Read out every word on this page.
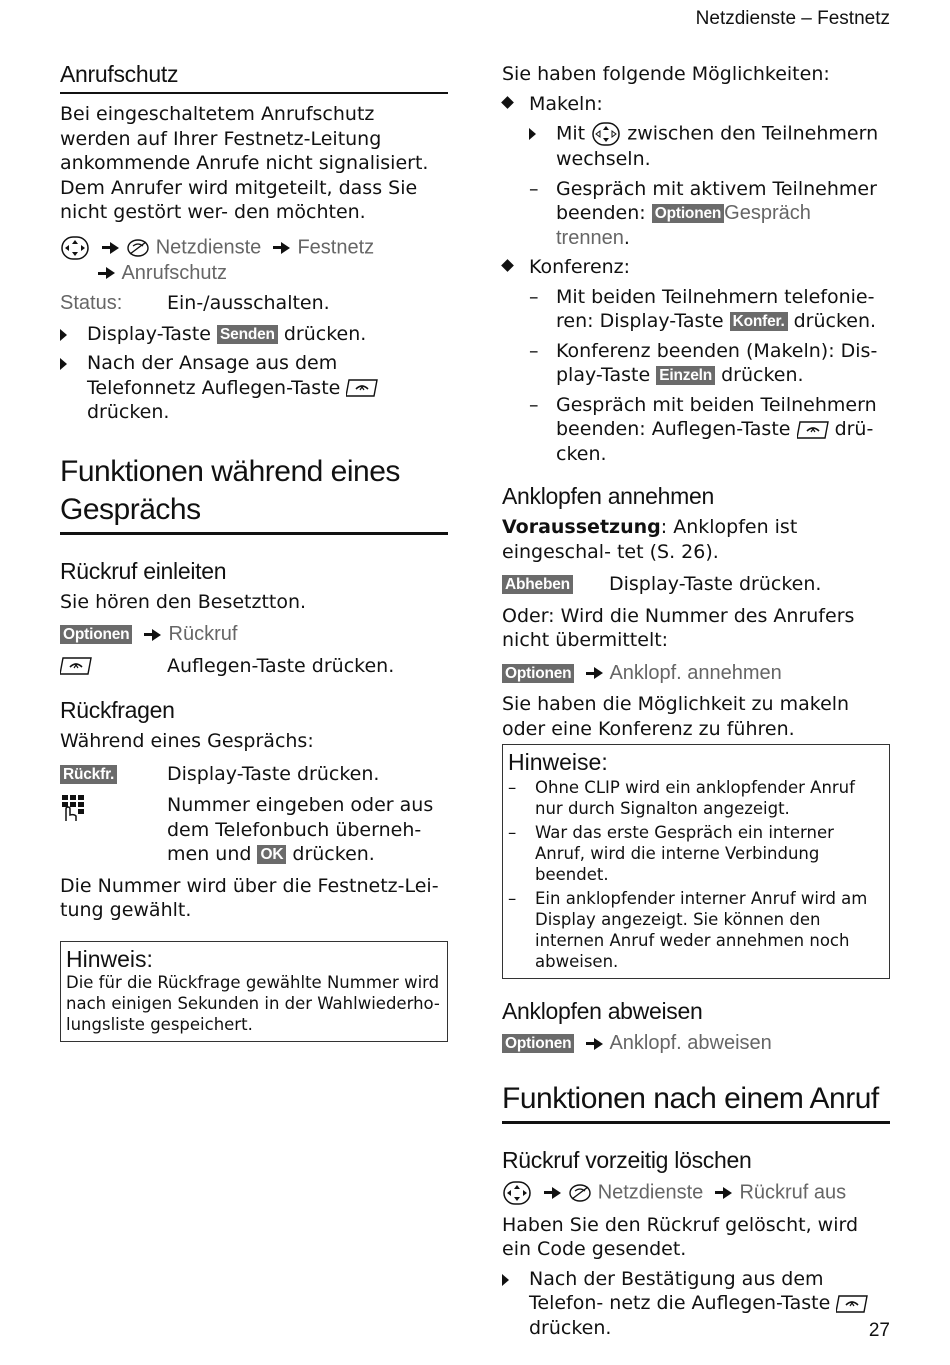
Netzdienste – Festnetz
Anrufschutz

Bei eingeschaltetem Anrufschutz werden auf Ihrer Festnetz-Leitung ankommende Anrufe nicht signalisiert. Dem Anrufer wird mitgeteilt, dass Sie nicht gestört wer- den möchten.

Netzdienste Festnetz
Anrufschutz
Status:	Ein-/ausschalten.
Display-Taste Senden drücken.
Nach der Ansage aus dem Telefonnetz Auflegen-Taste  drücken.
Funktionen während eines Gesprächs
Rückruf einleiten

Sie hören den Besetztton.

Optionen Rückruf
Auflegen-Taste drücken.
Rückfragen

Während eines Gesprächs:

Rückfr.	Display-Taste drücken.
Nummer eingeben oder aus dem Telefonbuch überneh- men und OK drücken.

Die Nummer wird über die Festnetz-Lei- tung gewählt.

Hinweis:

Die für die Rückfrage gewählte Nummer wird nach einigen Sekunden in der Wahlwiederho- lungsliste gespeichert.

Sie haben folgende Möglichkeiten:

Makeln:
Mit zwischen den Teilnehmern wechseln.
– Gespräch mit aktivem Teilnehmer beenden: Optionen Gespräch trennen.
Konferenz:
– Mit beiden Teilnehmern telefonie- ren: Display-Taste Konfer. drücken.
– Konferenz beenden (Makeln): Dis- play-Taste Einzeln drücken.
– Gespräch mit beiden Teilnehmern beenden: Auflegen-Taste drü- cken.
Anklopfen annehmen

Voraussetzung: Anklopfen ist eingeschal- tet (S. 26).

Abheben	Display-Taste drücken.

Oder: Wird die Nummer des Anrufers nicht übermittelt:

Optionen Anklopf. annehmen

Sie haben die Möglichkeit zu makeln oder eine Konferenz zu führen.

Hinweise:
– Ohne CLIP wird ein anklopfender Anruf nur durch Signalton angezeigt.
– War das erste Gespräch ein interner Anruf, wird die interne Verbindung beendet.
– Ein anklopfender interner Anruf wird am Display angezeigt. Sie können den internen Anruf weder annehmen noch abweisen.
Anklopfen abweisen
Optionen Anklopf. abweisen
Funktionen nach einem Anruf
Rückruf vorzeitig löschen
Netzdienste Rückruf aus

Haben Sie den Rückruf gelöscht, wird ein Code gesendet.

Nach der Bestätigung aus dem Telefon- netz die Auflegen-Taste  drücken.	27
